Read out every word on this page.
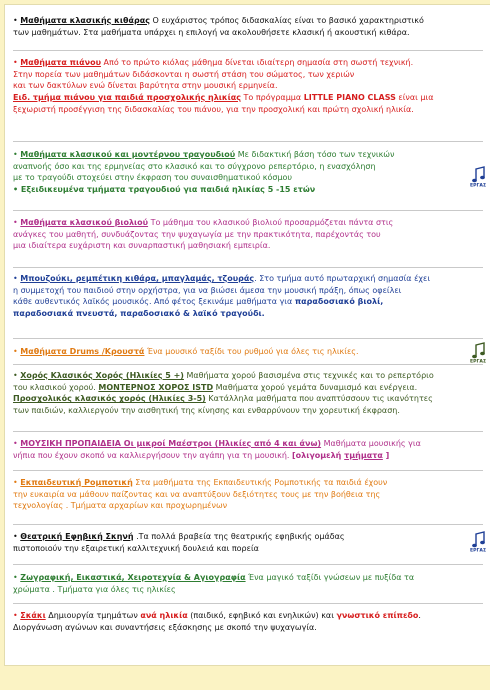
• Μαθήματα κλασικής κιθάρας Ο ευχάριστος τρόπος διδασκαλίας είναι το βασικό χαρακτηριστικό
των μαθημάτων. Στα μαθήματα υπάρχει η επιλογή να ακολουθήσετε κλασική ή ακουστική κιθάρα.
• Μαθήματα πιάνου Από το πρώτο κιόλας μάθημα δίνεται ιδιαίτερη σημασία στη σωστή τεχνική.
Στην πορεία των μαθημάτων διδάσκονται η σωστή στάση του σώματος, των χεριών
και των δακτύλων ενώ δίνεται βαρύτητα στην μουσική ερμηνεία.
Ειδ. τμήμα πιάνου για παιδιά προσχολικής ηλικίας Το πρόγραμμα LITTLE PIANO CLASS είναι μια
ξεχωριστή προσέγγιση της διδασκαλίας του πιάνου, για την προσχολική και πρώτη σχολική ηλικία.
• Μαθήματα κλασικού και μοντέρνου τραγουδιού Με διδακτική βάση τόσο των τεχνικών
αναπνοής όσο και της ερμηνείας στο κλασικό και το σύγχρονο ρεπερτόριο, η ενασχόληση
με το τραγούδι στοχεύει στην έκφραση του συναισθηματικού κόσμου
• Εξειδικευμένα τμήματα τραγουδιού για παιδιά ηλικίας 5 -15 ετών	ΕΡΓΑΣ
• Μαθήματα κλασικού βιολιού Το μάθημα του κλασικού βιολιού προσαρμόζεται πάντα στις
ανάγκες του μαθητή, συνδυάζοντας την ψυχαγωγία με την πρακτικότητα, παρέχοντάς του
μια ιδιαίτερα ευχάριστη και συναρπαστική μαθησιακή εμπειρία.
• Μπουζούκι, ρεμπέτικη κιθάρα, μπαγλαμάς, τζουράς. Στο τμήμα αυτό πρωταρχική σημασία έχει
η συμμετοχή του παιδιού στην ορχήστρα, για να βιώσει άμεσα την μουσική πράξη, όπως οφείλει
κάθε αυθεντικός λαϊκός μουσικός. Από φέτος ξεκινάμε μαθήματα για παραδοσιακό βιολί,
παραδοσιακά πνευστά, παραδοσιακό & λαϊκό τραγούδι.
• Μαθήματα Drums /Κρουστά Ένα μουσικό ταξίδι του ρυθμού για όλες τις ηλικίες.
ΕΡΓΑΣ
• Χορός Κλασικός Χορός (Ηλικίες 5 +) Μαθήματα χορού βασισμένα στις τεχνικές και το ρεπερτόριο
του κλασικού χορού. ΜΟΝΤΕΡΝΟΣ ΧΟΡΟΣ ISTD Μαθήματα χορού γεμάτα δυναμισμό και ενέργεια.
Προσχολικός κλασικός χορός (Ηλικίες 3-5) Κατάλληλα μαθήματα που αναπτύσσουν τις ικανότητες
των παιδιών, καλλιεργούν την αισθητική της κίνησης και ενθαρρύνουν την χορευτική έκφραση.
• ΜΟΥΣΙΚΗ ΠΡΟΠΑΙΔΕΙΑ Οι μικροί Μαέστροι (Ηλικίες από 4 και άνω) Μαθήματα μουσικής για
νήπια που έχουν σκοπό να καλλιεργήσουν την αγάπη για τη μουσική. [ολιγομελή τμήματα ]
• Εκπαιδευτική Ρομποτική Στα μαθήματα της Εκπαιδευτικής Ρομποτικής τα παιδιά έχουν
την ευκαιρία να μάθουν παίζοντας και να αναπτύξουν δεξιότητες τους με την βοήθεια της
τεχνολογίας . Τμήματα αρχαρίων και προχωρημένων
• Θεατρική Εφηβική Σκηνή .Τα πολλά βραβεία της θεατρικής εφηβικής ομάδας
πιστοποιούν την εξαιρετική καλλιτεχνική δουλειά και πορεία	ΕΡΓΑΣ
• Ζωγραφική, Εικαστικά, Χειροτεχνία & Αγιογραφία Ένα μαγικό ταξίδι γνώσεων με πυξίδα τα
χρώματα . Τμήματα για όλες τις ηλικίες
• Σκάκι Δημιουργία τμημάτων ανά ηλικία (παιδικό, εφηβικό και ενηλικών) και γνωστικό επίπεδο.
Διοργάνωση αγώνων και συναντήσεις εξάσκησης με σκοπό την ψυχαγωγία.
